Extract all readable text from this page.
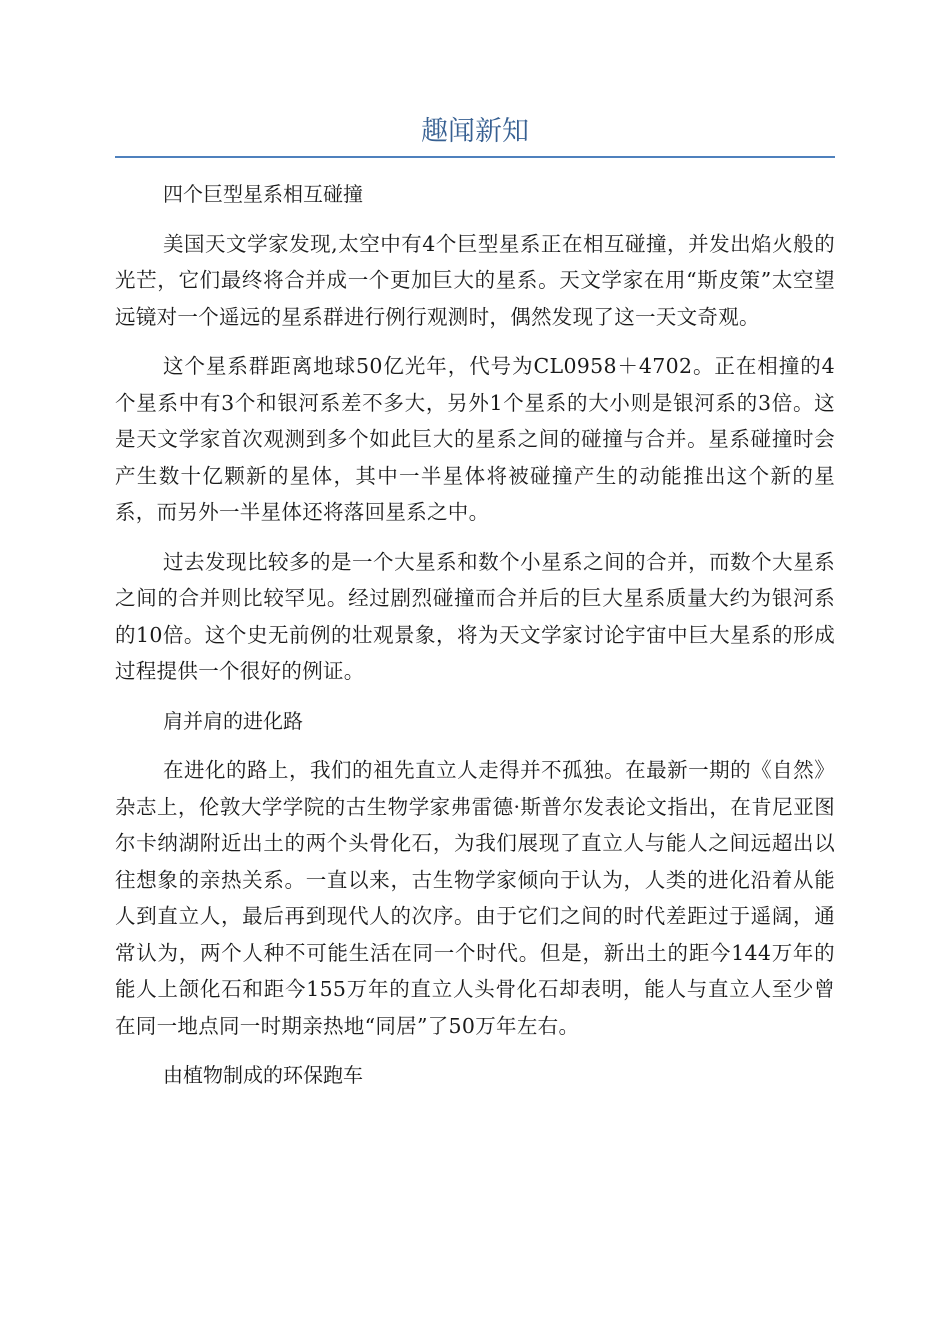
趣闻新知

四个巨型星系相互碰撞

美国天文学家发现,太空中有4个巨型星系正在相互碰撞，并发出焰火般的光芒，它们最终将合并成一个更加巨大的星系。天文学家在用“斯皮策”太空望远镜对一个遥远的星系群进行例行观测时，偶然发现了这一天文奇观。

这个星系群距离地球50亿光年，代号为CL0958＋4702。正在相撞的4个星系中有3个和银河系差不多大，另外1个星系的大小则是银河系的3倍。这是天文学家首次观测到多个如此巨大的星系之间的碰撞与合并。星系碰撞时会产生数十亿颗新的星体，其中一半星体将被碰撞产生的动能推出这个新的星系，而另外一半星体还将落回星系之中。

过去发现比较多的是一个大星系和数个小星系之间的合并，而数个大星系之间的合并则比较罕见。经过剧烈碰撞而合并后的巨大星系质量大约为银河系的10倍。这个史无前例的壮观景象，将为天文学家讨论宇宙中巨大星系的形成过程提供一个很好的例证。

肩并肩的进化路

在进化的路上，我们的祖先直立人走得并不孤独。在最新一期的《自然》杂志上，伦敦大学学院的古生物学家弗雷德·斯普尔发表论文指出，在肯尼亚图尔卡纳湖附近出土的两个头骨化石，为我们展现了直立人与能人之间远超出以往想象的亲热关系。一直以来，古生物学家倾向于认为，人类的进化沿着从能人到直立人，最后再到现代人的次序。由于它们之间的时代差距过于遥阔，通常认为，两个人种不可能生活在同一个时代。但是，新出土的距今144万年的能人上颌化石和距今155万年的直立人头骨化石却表明，能人与直立人至少曾在同一地点同一时期亲热地“同居”了50万年左右。

由植物制成的环保跑车
